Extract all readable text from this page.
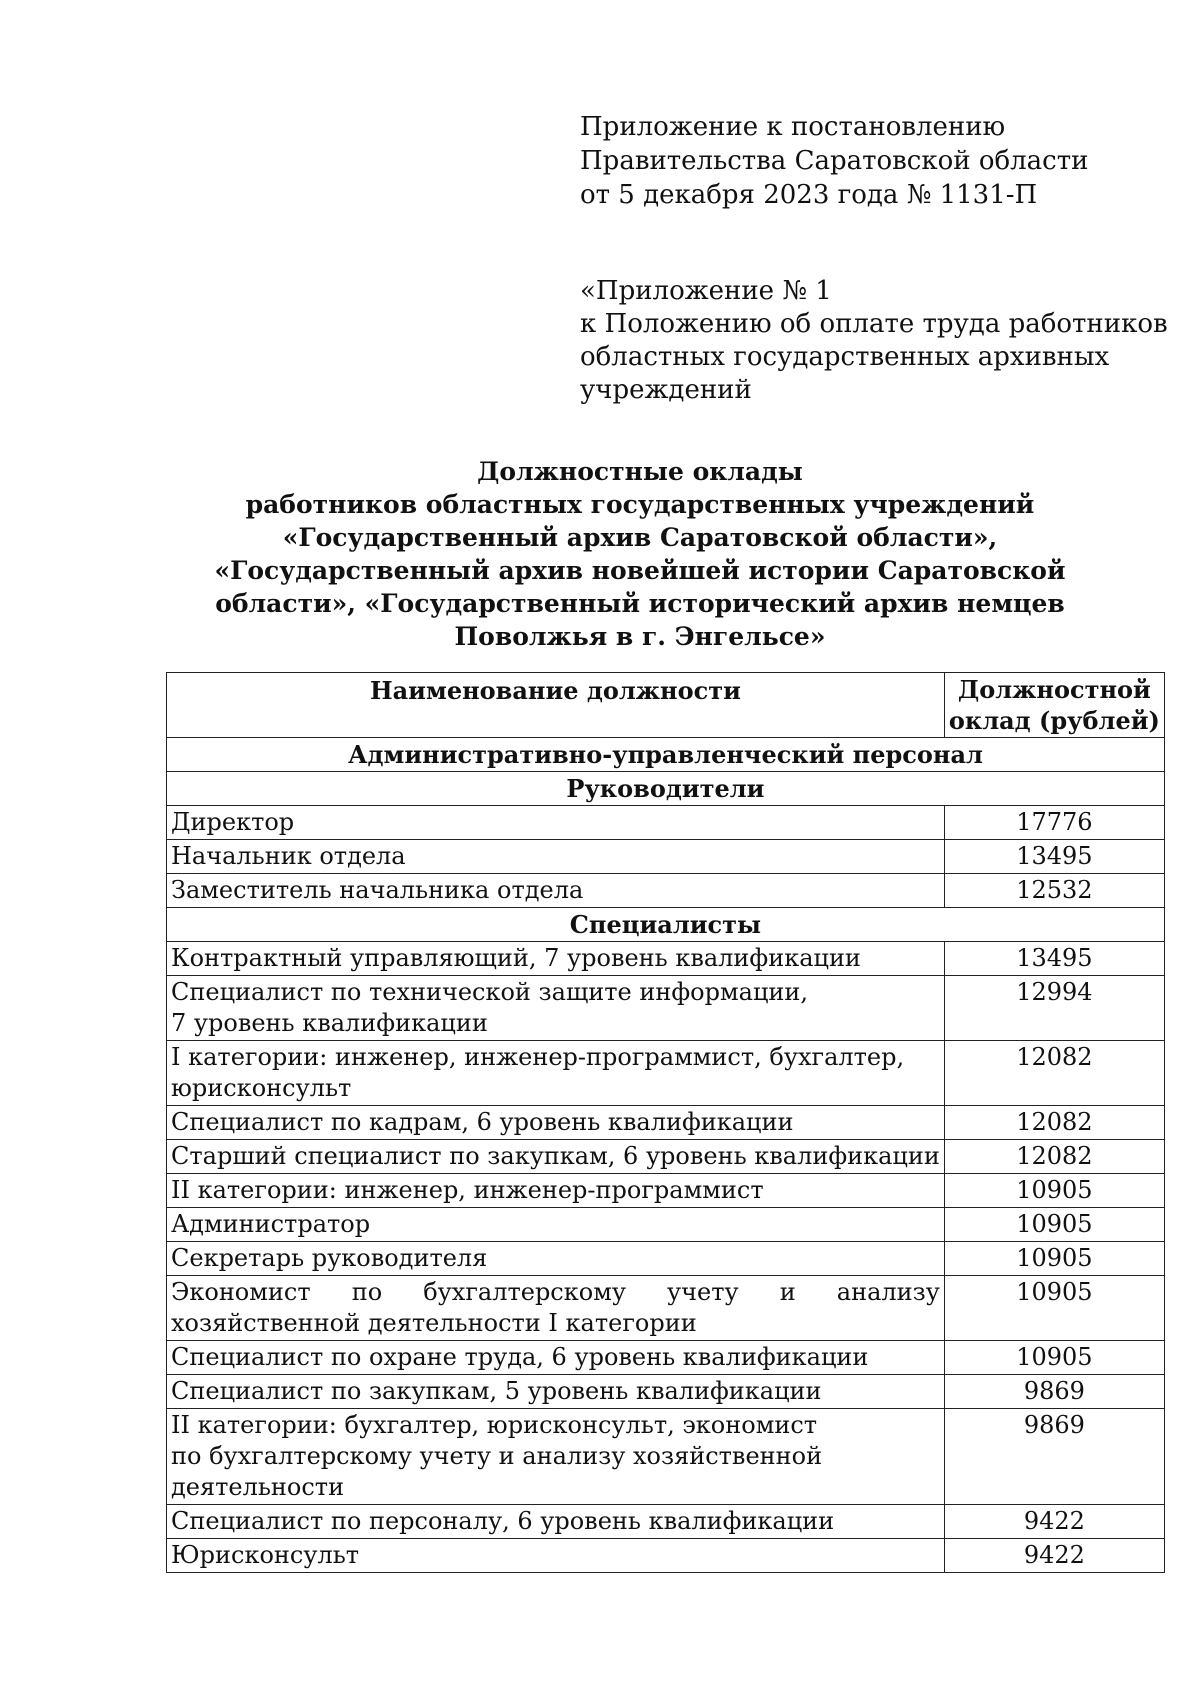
Приложение к постановлению
Правительства Саратовской области
от 5 декабря 2023 года № 1131-П
«Приложение № 1
к Положению об оплате труда работников
областных государственных архивных
учреждений
Должностные оклады
работников областных государственных учреждений
«Государственный архив Саратовской области»,
«Государственный архив новейшей истории Саратовской
области», «Государственный исторический архив немцев
Поволжья в г. Энгельсе»
Наименование должности	Должностной
оклад (рублей)

Административно-управленческий персонал	
Руководители	
Директор	17776
Начальник отдела	13495
Заместитель начальника отдела	12532
Специалисты	
Контрактный управляющий, 7 уровень квалификации	13495

Специалист по технической защите информации,
7 уровень квалификации	12994

I категории: инженер, инженер-программист, бухгалтер,
юрисконсульт	12082
Специалист по кадрам, 6 уровень квалификации	12082
Старший специалист по закупкам, 6 уровень квалификации	12082
II категории: инженер, инженер-программист	10905
Администратор	10905
Секретарь руководителя	10905
Экономист по бухгалтерскому учету и анализу хозяйственной деятельности I категории	10905
Специалист по охране труда, 6 уровень квалификации	10905
Специалист по закупкам, 5 уровень квалификации	9869

II категории: бухгалтер, юрисконсульт, экономист
по бухгалтерскому учету и анализу хозяйственной
деятельности	9869
Специалист по персоналу, 6 уровень квалификации	9422
Юрисконсульт	9422
